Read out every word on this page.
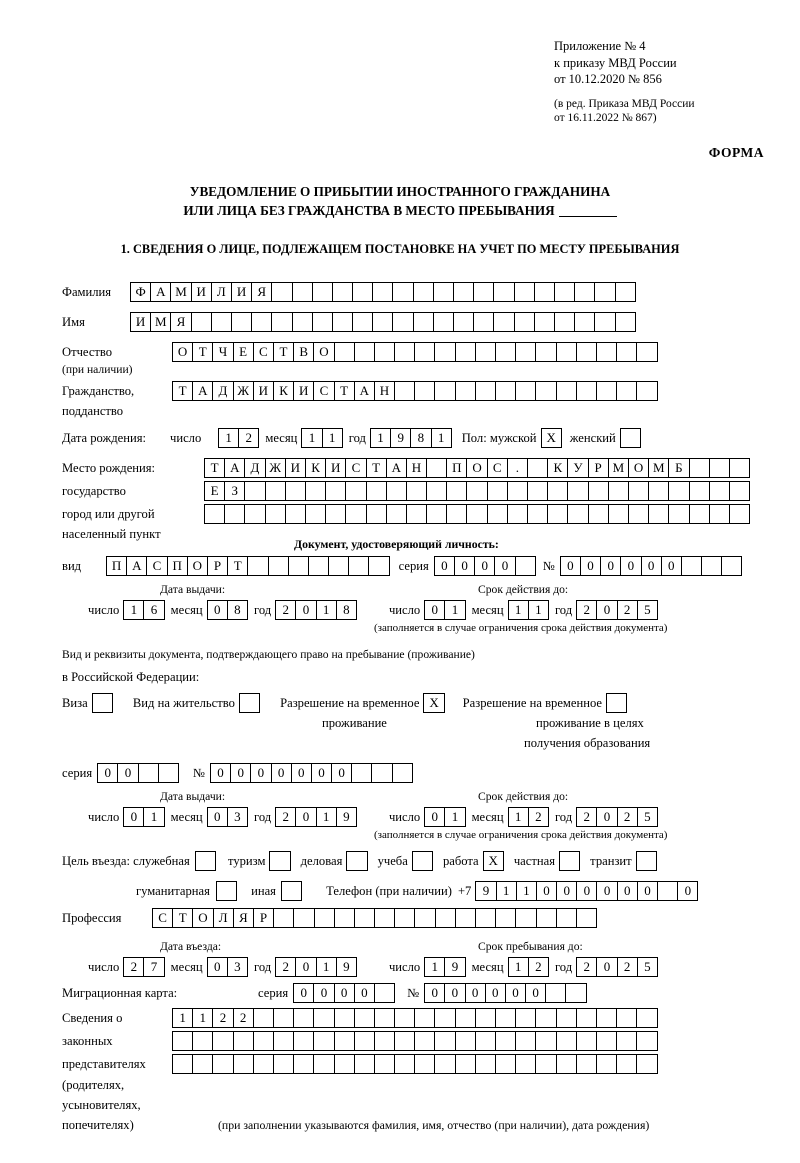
Приложение № 4
к приказу МВД России
от 10.12.2020 № 856
(в ред. Приказа МВД России
от 16.11.2022 № 867)
ФОРМА
УВЕДОМЛЕНИЕ О ПРИБЫТИИ ИНОСТРАННОГО ГРАЖДАНИНА
ИЛИ ЛИЦА БЕЗ ГРАЖДАНСТВА В МЕСТО ПРЕБЫВАНИЯ
1. СВЕДЕНИЯ О ЛИЦЕ, ПОДЛЕЖАЩЕМ ПОСТАНОВКЕ НА УЧЕТ ПО МЕСТУ ПРЕБЫВАНИЯ
Фамилия	Ф А М И Л И Я
Имя	И М Я
Отчество	О Т Ч Е С Т В О
(при наличии)
Гражданство,	Т А Д Ж И К И С Т А Н
подданство
Дата рождения:	число	1	2	месяц 1	1	год 1	9	8	1	Пол: мужской X	женский
Место рождения:	Т А Д Ж И К И С Т А Н	П О С	.	К У Р М О М Б
государство	Е З
город или другой
населенный пункт
Документ, удостоверяющий личность:
вид	П А С П О Р Т	серия 0	0	0	0	№ 0	0	0	0	0	0
Дата выдачи:	Срок действия до:
число 1	6	месяц 0	8	год 2	0	1	8	число 0	1	месяц 1	1	год 2	0	2	5
(заполняется в случае ограничения срока действия документа)
Вид и реквизиты документа, подтверждающего право на пребывание (проживание)
в Российской Федерации:
Виза	Вид на жительство	Разрешение на временное X	Разрешение на временное
проживание	проживание в целях
получения образования
серия 0	0	№ 0	0	0	0	0	0	0
Дата выдачи:	Срок действия до:
число 0	1	месяц 0	3	год 2	0	1	9	число 0	1	месяц 1	2	год 2	0	2	5
(заполняется в случае ограничения срока действия документа)
Цель въезда: служебная	туризм	деловая	учеба	работа X	частная	транзит
гуманитарная	иная	Телефон (при наличии) +7 9	1	1	0	0	0	0	0	0	0
Профессия	С Т О Л Я Р
Дата въезда:	Срок пребывания до:
число 2	7	месяц 0	3	год 2	0	1	9	число 1	9	месяц 1	2	год 2	0	2	5
Миграционная карта:	серия 0	0	0	0	№ 0	0	0	0	0	0
Сведения о	1	1	2	2
законных
представителях
(родителях,
усыновителях,
попечителях)	(при заполнении указываются фамилия, имя, отчество (при наличии), дата рождения)
